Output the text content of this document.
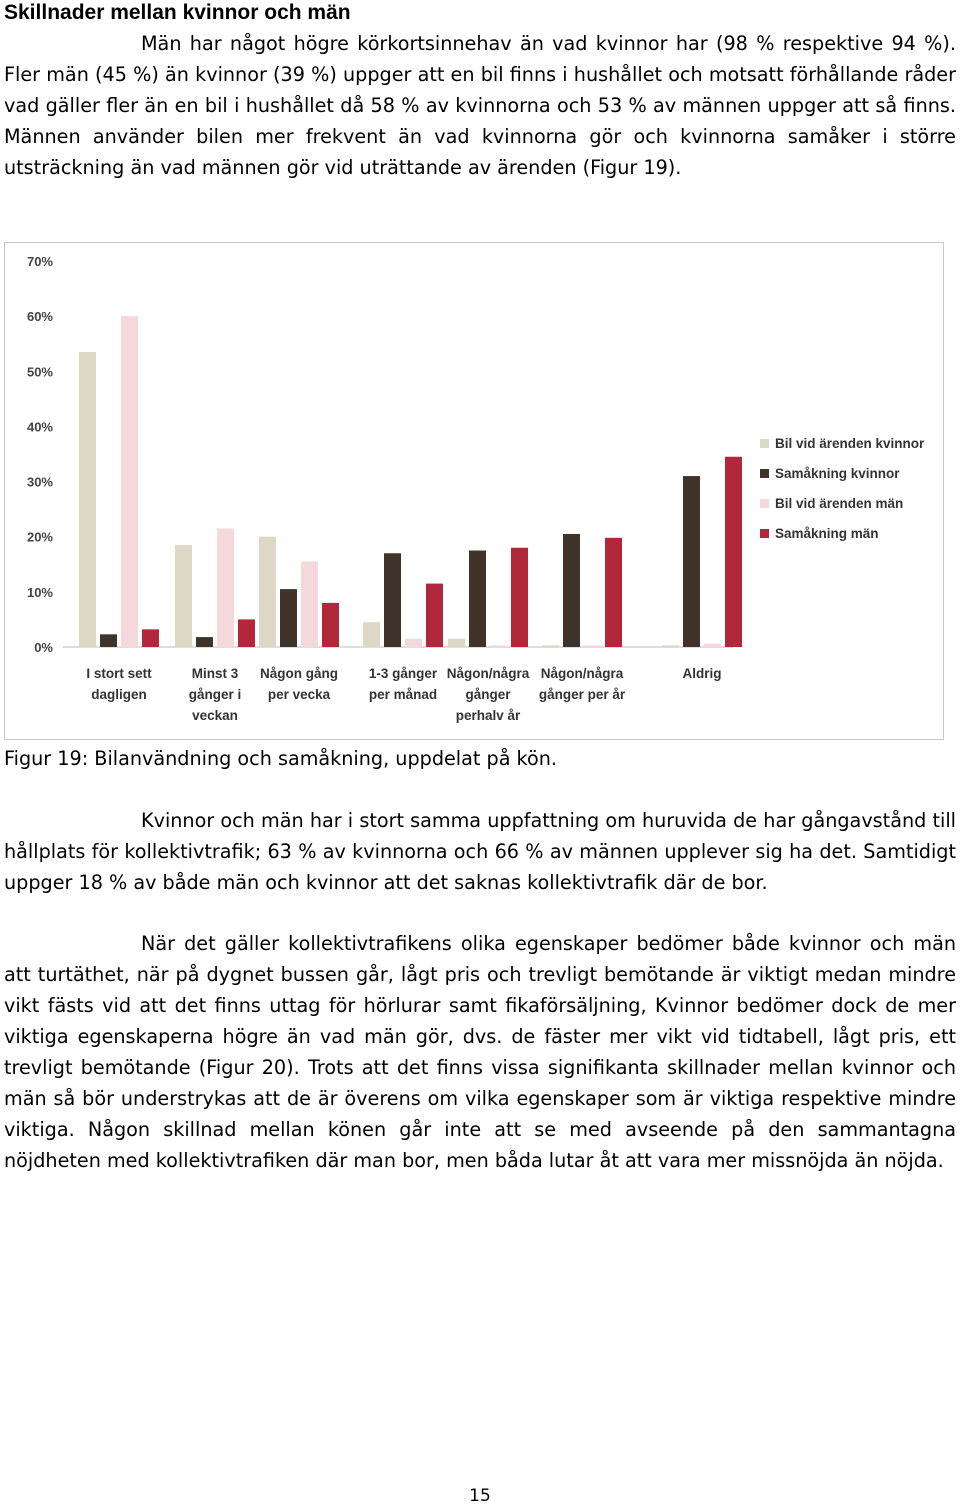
Skillnader mellan kvinnor och män

Män har något högre körkortsinnehav än vad kvinnor har (98 % respektive 94 %). Fler män (45 %) än kvinnor (39 %) uppger att en bil finns i hushållet och motsatt förhållande råder vad gäller fler än en bil i hushållet då 58 % av kvinnorna och 53 % av männen uppger att så finns. Männen använder bilen mer frekvent än vad kvinnorna gör och kvinnorna samåker i större utsträckning än vad männen gör vid uträttande av ärenden (Figur 19).

0%
10%
20%
30%
40%
50%
60%
70%
I stort sett
dagligen
Minst 3
gånger i
veckan
Någon gång
per vecka
1-3 gånger
per månad
Någon/några
gånger
perhalv år
Någon/några
gånger per år
Aldrig
Bil vid ärenden kvinnor
Samåkning kvinnor
Bil vid ärenden män
Samåkning män

Figur 19: Bilanvändning och samåkning, uppdelat på kön.

Kvinnor och män har i stort samma uppfattning om huruvida de har gångavstånd till hållplats för kollektivtrafik; 63 % av kvinnorna och 66 % av männen upplever sig ha det. Samtidigt uppger 18 % av både män och kvinnor att det saknas kollektivtrafik där de bor.

När det gäller kollektivtrafikens olika egenskaper bedömer både kvinnor och män att turtäthet, när på dygnet bussen går, lågt pris och trevligt bemötande är viktigt medan mindre vikt fästs vid att det finns uttag för hörlurar samt fikaförsäljning, Kvinnor bedömer dock de mer viktiga egenskaperna högre än vad män gör, dvs. de fäster mer vikt vid tidtabell, lågt pris, ett trevligt bemötande (Figur 20). Trots att det finns vissa signifikanta skillnader mellan kvinnor och män så bör understrykas att de är överens om vilka egenskaper som är viktiga respektive mindre viktiga. Någon skillnad mellan könen går inte att se med avseende på den sammantagna nöjdheten med kollektivtrafiken där man bor, men båda lutar åt att vara mer missnöjda än nöjda.

15
